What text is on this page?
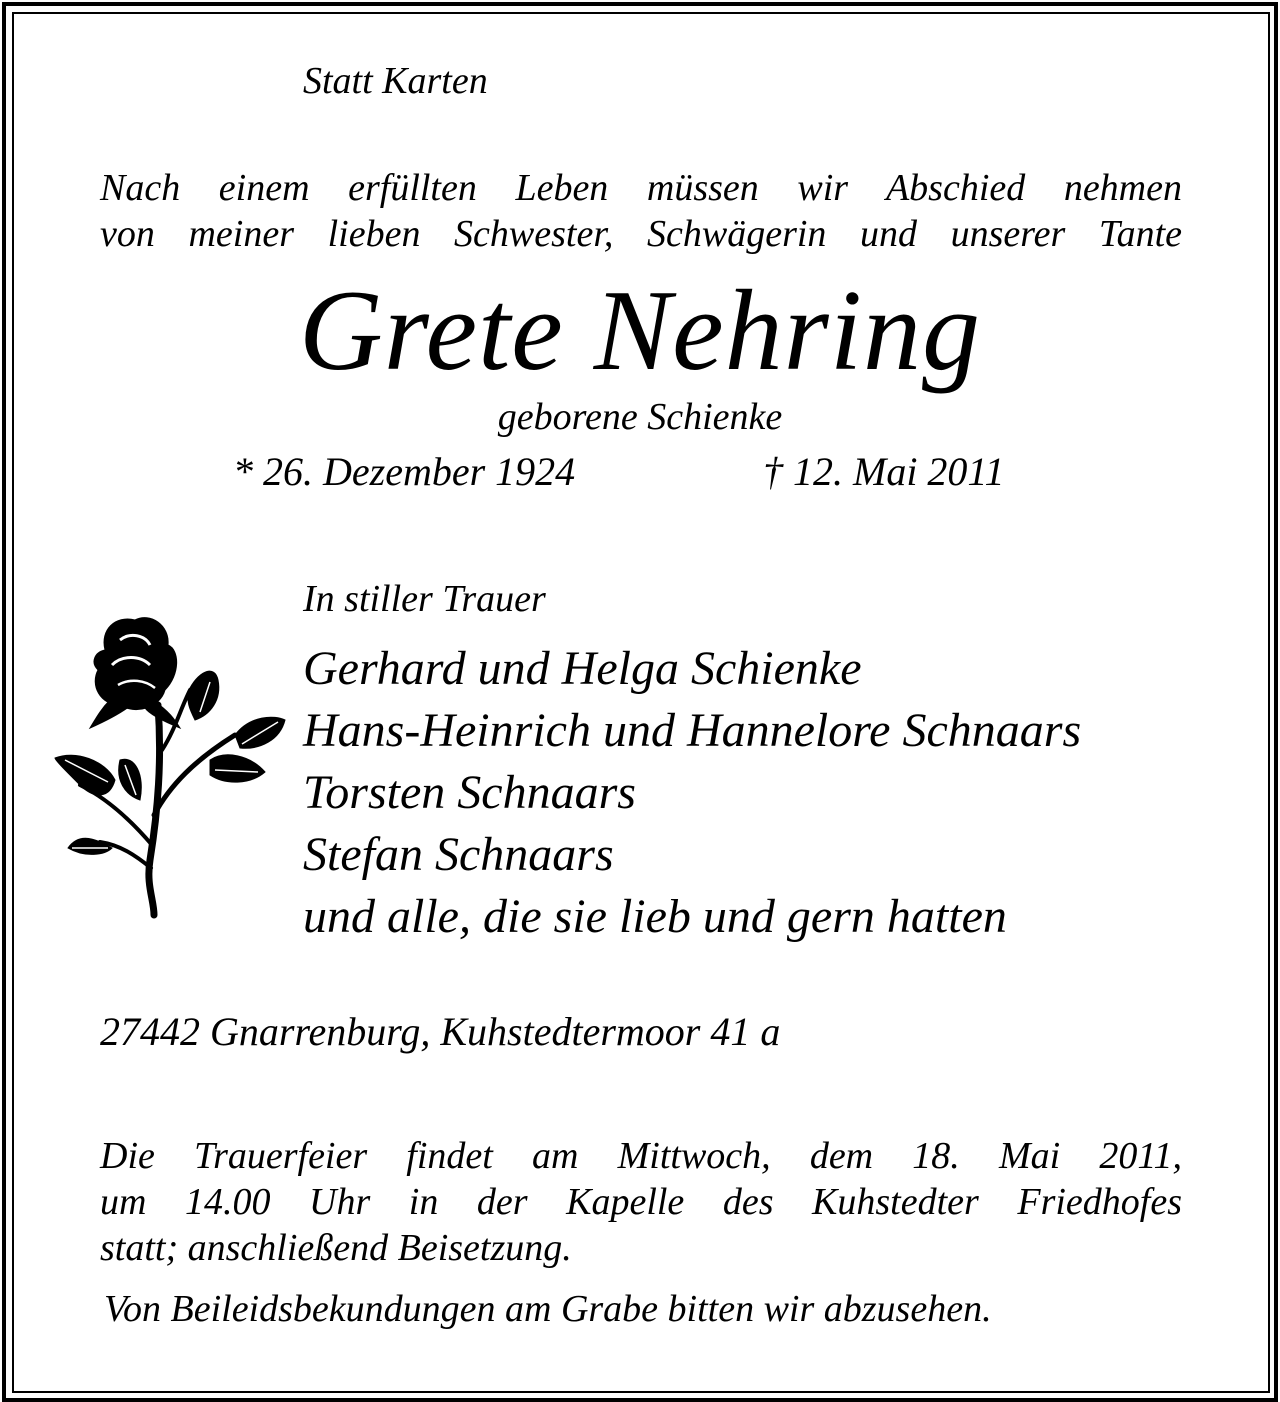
Statt Karten

Nach einem erfüllten Leben müssen wir Abschied nehmen
von meiner lieben Schwester, Schwägerin und unserer Tante
Grete Nehring
geborene Schienke

* 26. Dezember 1924	† 12. Mai 2011

In stiller Trauer

Gerhard und Helga Schienke
Hans-Heinrich und Hannelore Schnaars
Torsten Schnaars
Stefan Schnaars
und alle, die sie lieb und gern hatten

27442 Gnarrenburg, Kuhstedtermoor 41 a

Die Trauerfeier findet am Mittwoch, dem 18. Mai 2011,
um 14.00 Uhr in der Kapelle des Kuhstedter Friedhofes
statt; anschließend Beisetzung.

Von Beileidsbekundungen am Grabe bitten wir abzusehen.
